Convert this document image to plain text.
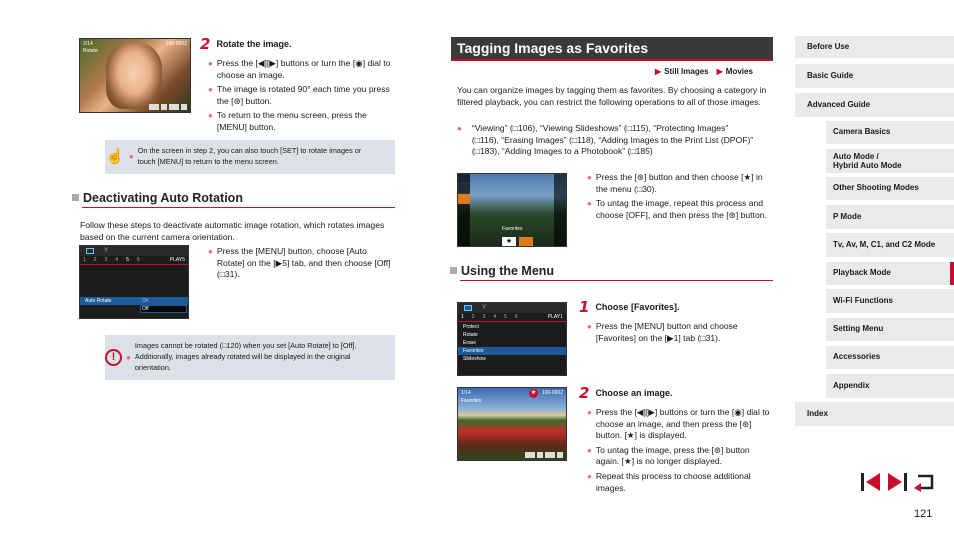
2/14
Rotate
100-0002 2 Rotate the image.
● Press the [◀][▶] buttons or turn the [◉] dial to choose an image.
● The image is rotated 90° each time you press the [⊛] button.
● To return to the menu screen, press the [MENU] button.
☝ ●
On the screen in step 2, you can also touch [SET] to rotate images or touch [MENU] to return to the menu screen.
Deactivating Auto Rotation
Follow these steps to deactivate automatic image rotation, which rotates images based on the current camera orientation.
ϒ
1 2 3 4 5 6	PLAY5
Auto Rotate	On
Off
● Press the [MENU] button, choose [Auto Rotate] on the [▶5] tab, and then choose [Off] (□31).
!	●
Images cannot be rotated (□120) when you set [Auto Rotate] to [Off]. Additionally, images already rotated will be displayed in the original orientation.
Tagging Images as Favorites
▶ Still Images ▶ Movies
You can organize images by tagging them as favorites. By choosing a category in filtered playback, you can restrict the following operations to all of those images.
●	“Viewing” (□106), “Viewing Slideshows” (□115), “Protecting Images” (□116), “Erasing Images” (□118), “Adding Images to the Print List (DPOF)” (□183), “Adding Images to a Photobook” (□185)
Favorites
★
● Press the [⊛] button and then choose [★] in the menu (□30).
● To untag the image, repeat this process and choose [OFF], and then press the [⊛] button.
Using the Menu
ϒ
1 2 3 4 5 6	PLAY1
Protect
Rotate
Erase
Favorites
Slideshow
1 Choose [Favorites].
● Press the [MENU] button and choose [Favorites] on the [▶1] tab (□31).
1/14
Favorites
100-0002
★	2 Choose an image.
● Press the [◀][▶] buttons or turn the [◉] dial to choose an image, and then press the [⊛] button. [★] is displayed.
● To untag the image, press the [⊛] button again. [★] is no longer displayed.
● Repeat this process to choose additional images.
Before Use
Basic Guide
Advanced Guide
Camera Basics
Auto Mode /
Hybrid Auto Mode
Other Shooting Modes
P Mode
Tv, Av, M, C1, and C2 Mode
Playback Mode
Wi-Fi Functions
Setting Menu
Accessories
Appendix
Index
121
